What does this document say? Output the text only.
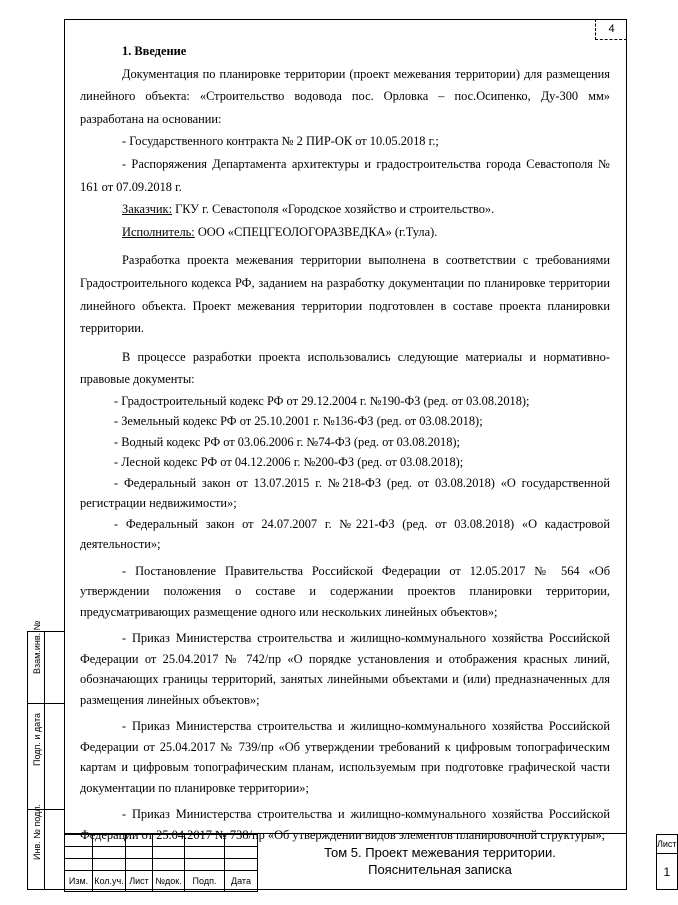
4

1. Введение

Документация по планировке территории (проект межевания территории) для размещения линейного объекта: «Строительство водовода пос. Орловка – пос.Осипенко, Ду-300 мм» разработана на основании:

- Государственного контракта № 2 ПИР-ОК от 10.05.2018 г.;

- Распоряжения Департамента архитектуры и градостроительства города Севастополя № 161 от 07.09.2018 г.

Заказчик: ГКУ г. Севастополя «Городское хозяйство и строительство».

Исполнитель: ООО «СПЕЦГЕОЛОГОРАЗВЕДКА» (г.Тула).

Разработка проекта межевания территории выполнена в соответствии с требованиями Градостроительного кодекса РФ, заданием на разработку документации по планировке территории линейного объекта. Проект межевания территории подготовлен в составе проекта планировки территории.

В процессе разработки проекта использовались следующие материалы и нормативно-правовые документы:

- Градостроительный кодекс РФ от 29.12.2004 г. №190-ФЗ (ред. от 03.08.2018);

- Земельный кодекс РФ от 25.10.2001 г. №136-ФЗ (ред. от 03.08.2018);

- Водный кодекс РФ от 03.06.2006 г. №74-ФЗ (ред. от 03.08.2018);

- Лесной кодекс РФ от 04.12.2006 г. №200-ФЗ (ред. от 03.08.2018);

- Федеральный закон от 13.07.2015 г. №218-ФЗ (ред. от 03.08.2018) «О государственной регистрации недвижимости»;

- Федеральный закон от 24.07.2007 г. №221-ФЗ (ред. от 03.08.2018) «О кадастровой деятельности»;

- Постановление Правительства Российской Федерации от 12.05.2017 № 564 «Об утверждении положения о составе и содержании проектов планировки территории, предусматривающих размещение одного или нескольких линейных объектов»;

- Приказ Министерства строительства и жилищно-коммунального хозяйства Российской Федерации от 25.04.2017 № 742/пр «О порядке установления и отображения красных линий, обозначающих границы территорий, занятых линейными объектами и (или) предназначенных для размещения линейных объектов»;

- Приказ Министерства строительства и жилищно-коммунального хозяйства Российской Федерации от 25.04.2017 № 739/пр «Об утверждении требований к цифровым топографическим картам и цифровым топографическим планам, используемым при подготовке графической части документации по планировке территории»;

- Приказ Министерства строительства и жилищно-коммунального хозяйства Российской Федерации от 25.04.2017 № 738/пр «Об утверждении видов элементов планировочной структуры»;

Взам.инв. №
Подп. и дата
Инв. № подл.

Изм.	Кол.уч.	Лист	№док.	Подп.	Дата
Том 5. Проект межевания территории.
Пояснительная записка
Лист
1
